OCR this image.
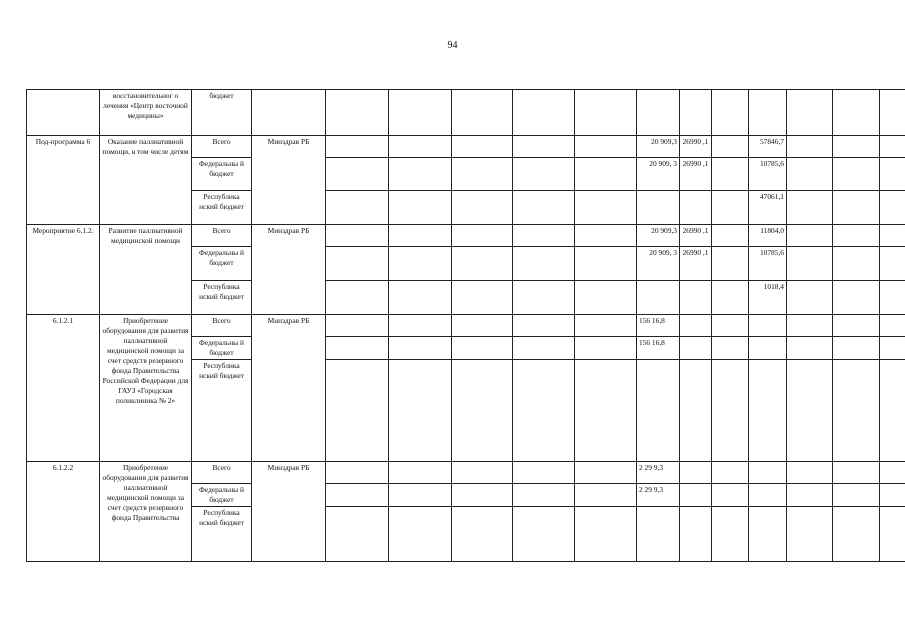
94
	восстановительног о лечения «Центр восточной медицины»	бюджет													
Под-программа 6	Оказание паллиативной помощи, в том числе детям	Всего	Минздрав РБ						20 909,3	26990 ,1		57846,7			
		Федеральны й бюджет							20 909, 3	26990 ,1		10785,6			
		Республика нский бюджет										47061,1			
Мероприятие 6.1.2.	Развитие паллиативной медицинской помощи	Всего	Минздрав РБ						20 909,3	26990 ,1		11804,0			
		Федеральны й бюджет							20 909, 3	26990 ,1		10785,6			
		Республика нский бюджет										1018,4			
6.1.2.1	Приобретение оборудования для развития паллиативной медицинской помощи за счет средств резервного фонда Правительства Российской Федерации для ГАУЗ «Городская поликлиника № 2»	Всего	Минздрав РБ						156 16,8						
		Федеральны й бюджет							156 16,8						
		Республика нский бюджет													
6.1.2.2	Приобретение оборудования для развития паллиативной медицинской помощи за счет средств резервного фонда Правительства	Всего	Минздрав РБ						2 29 9,3						
		Федеральны й бюджет							2 29 9,3						
		Республика нский бюджет													
